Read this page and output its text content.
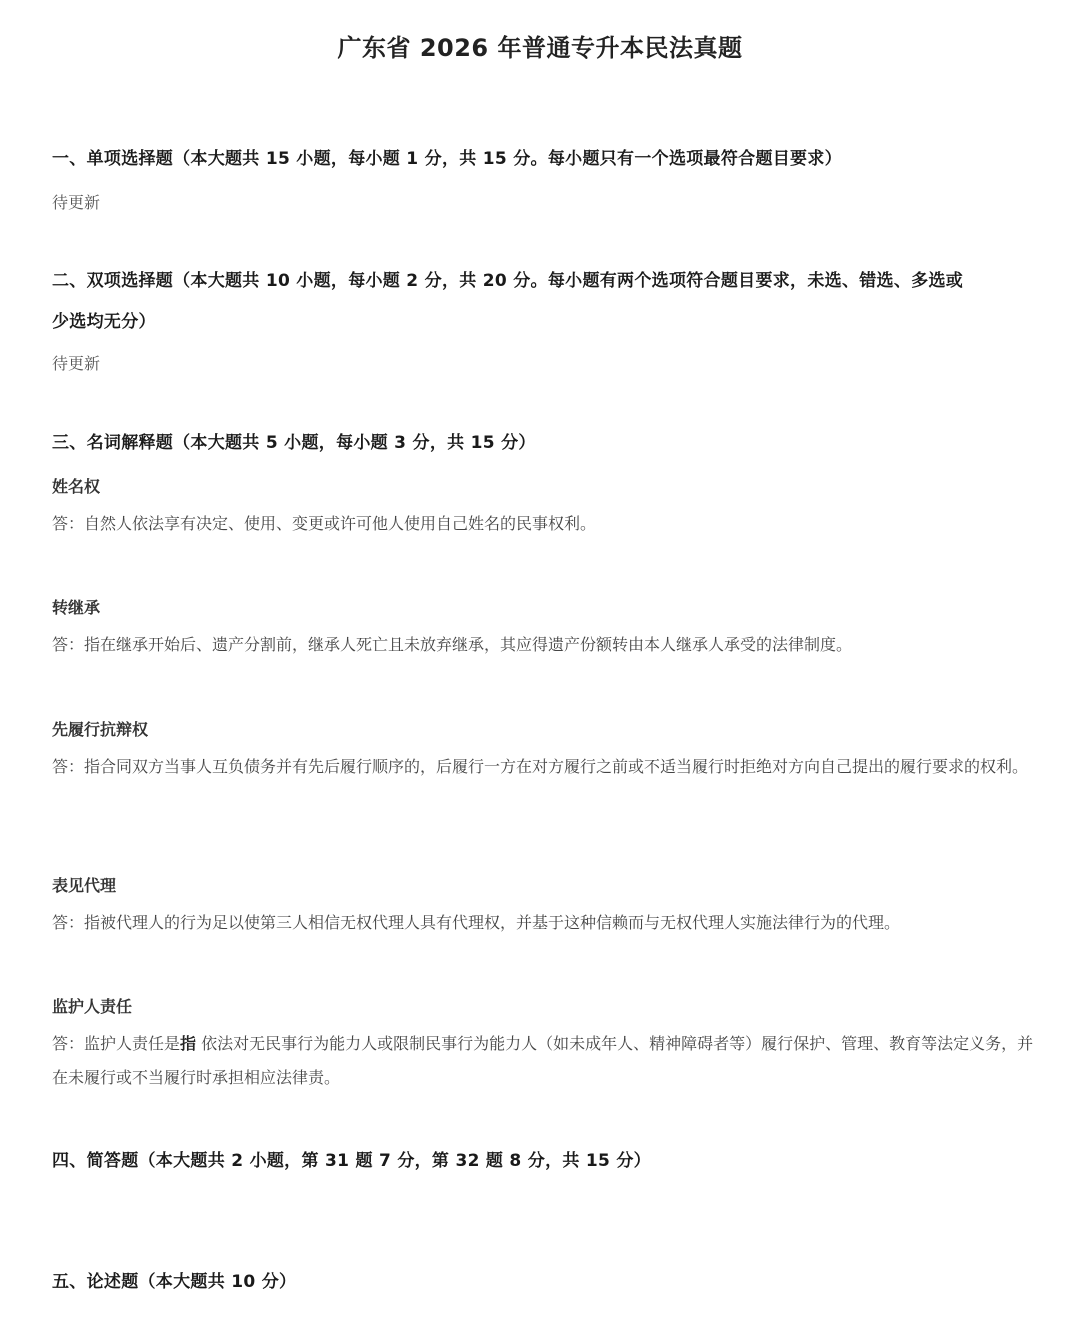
广东省 2026 年普通专升本民法真题
一、单项选择题（本大题共 15 小题，每小题 1 分，共 15 分。每小题只有一个选项最符合题目要求）
待更新
二、双项选择题（本大题共 10 小题，每小题 2 分，共 20 分。每小题有两个选项符合题目要求，未选、错选、多选或少选均无分）
待更新
三、名词解释题（本大题共 5 小题，每小题 3 分，共 15 分）
姓名权
答：自然人依法享有决定、使用、变更或许可他人使用自己姓名的民事权利。
转继承
答：指在继承开始后、遗产分割前，继承人死亡且未放弃继承，其应得遗产份额转由本人继承人承受的法律制度。
先履行抗辩权
答：指合同双方当事人互负债务并有先后履行顺序的，后履行一方在对方履行之前或不适当履行时拒绝对方向自己提出的履行要求的权利。
表见代理
答：指被代理人的行为足以使第三人相信无权代理人具有代理权，并基于这种信赖而与无权代理人实施法律行为的代理。
监护人责任
答：监护人责任是指 依法对无民事行为能力人或限制民事行为能力人（如未成年人、精神障碍者等）履行保护、管理、教育等法定义务，并在未履行或不当履行时承担相应法律责。
四、简答题（本大题共 2 小题，第 31 题 7 分，第 32 题 8 分，共 15 分）
五、论述题（本大题共 10 分）
